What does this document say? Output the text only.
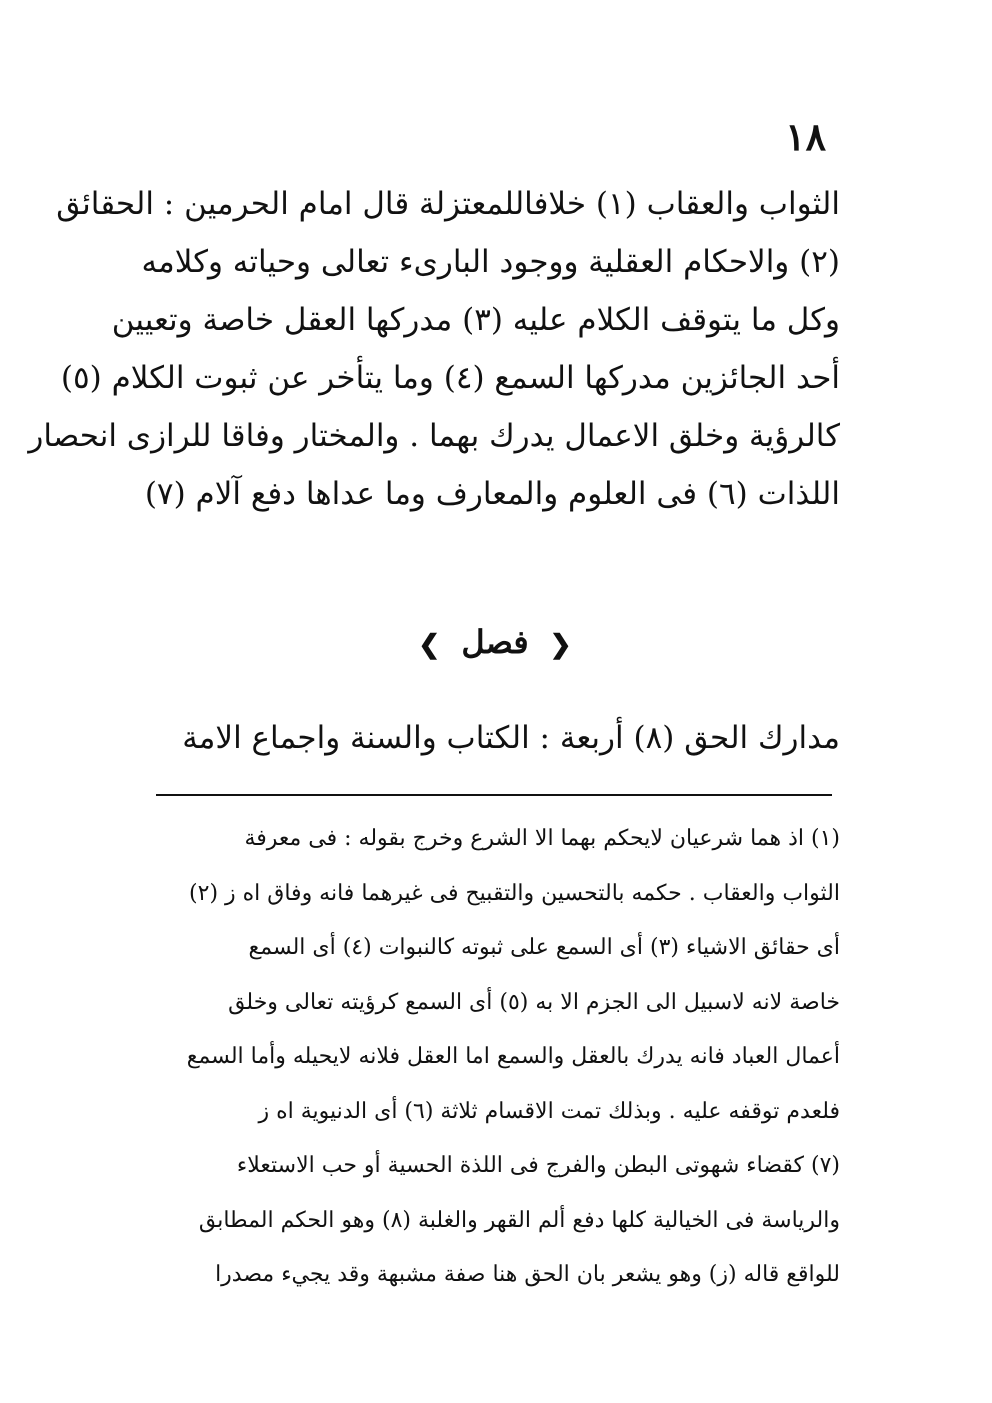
١٨
الثواب والعقاب (١) خلافاللمعتزلة قال امام الحرمين : الحقائق
(٢) والاحكام العقلية ووجود البارىء تعالى وحياته وكلامه
وكل ما يتوقف الكلام عليه (٣) مدركها العقل خاصة وتعيين
أحد الجائزين مدركها السمع (٤) وما يتأخر عن ثبوت الكلام (٥)
كالرؤية وخلق الاعمال يدرك بهما . والمختار وفاقا للرازى انحصار
اللذات (٦) فى العلوم والمعارف وما عداها دفع آلام (٧)
❮ فصل ❯
مدارك الحق (٨) أربعة : الكتاب والسنة واجماع الامة
(١) اذ هما شرعيان لايحكم بهما الا الشرع وخرج بقوله : فى معرفة
الثواب والعقاب . حكمه بالتحسين والتقبيح فى غيرهما فانه وفاق اه ز (٢)
أى حقائق الاشياء (٣) أى السمع على ثبوته كالنبوات (٤) أى السمع
خاصة لانه لاسبيل الى الجزم الا به (٥) أى السمع كرؤيته تعالى وخلق
أعمال العباد فانه يدرك بالعقل والسمع اما العقل فلانه لايحيله وأما السمع
فلعدم توقفه عليه . وبذلك تمت الاقسام ثلاثة (٦) أى الدنيوية اه ز
(٧) كقضاء شهوتى البطن والفرج فى اللذة الحسية أو حب الاستعلاء
والرياسة فى الخيالية كلها دفع ألم القهر والغلبة (٨) وهو الحكم المطابق
للواقع قاله (ز) وهو يشعر بان الحق هنا صفة مشبهة وقد يجيء مصدرا
